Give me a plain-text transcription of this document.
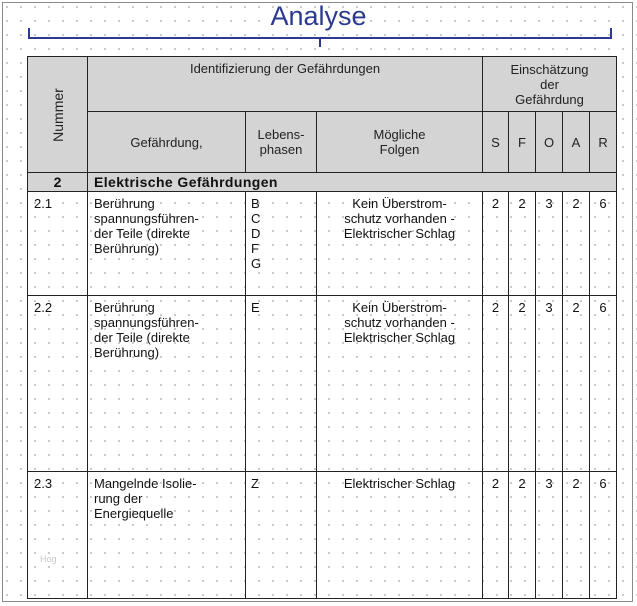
Analyse
Nummer	Identifizierung der Gefährdungen			Einschätzung
der
Gefährdung				

	Gefährdung,	Lebens-
phasen	Mögliche
Folgen	S	F	O	A	R
2	Elektrische Gefährdungen							
2.1	Berührung
spannungsführen-
der Teile (direkte
Berührung)	B
C
D
F
G	Kein Überstrom-
schutz vorhanden -
Elektrischer Schlag	2	2	3	2	6
2.2	Berührung
spannungsführen-
der Teile (direkte
Berührung)	E	Kein Überstrom-
schutz vorhanden -
Elektrischer Schlag	2	2	3	2	6
2.3	Mangelnde Isolie-
rung der
Energiequelle	Z	Elektrischer Schlag	2	2	3	2	6
Hog
